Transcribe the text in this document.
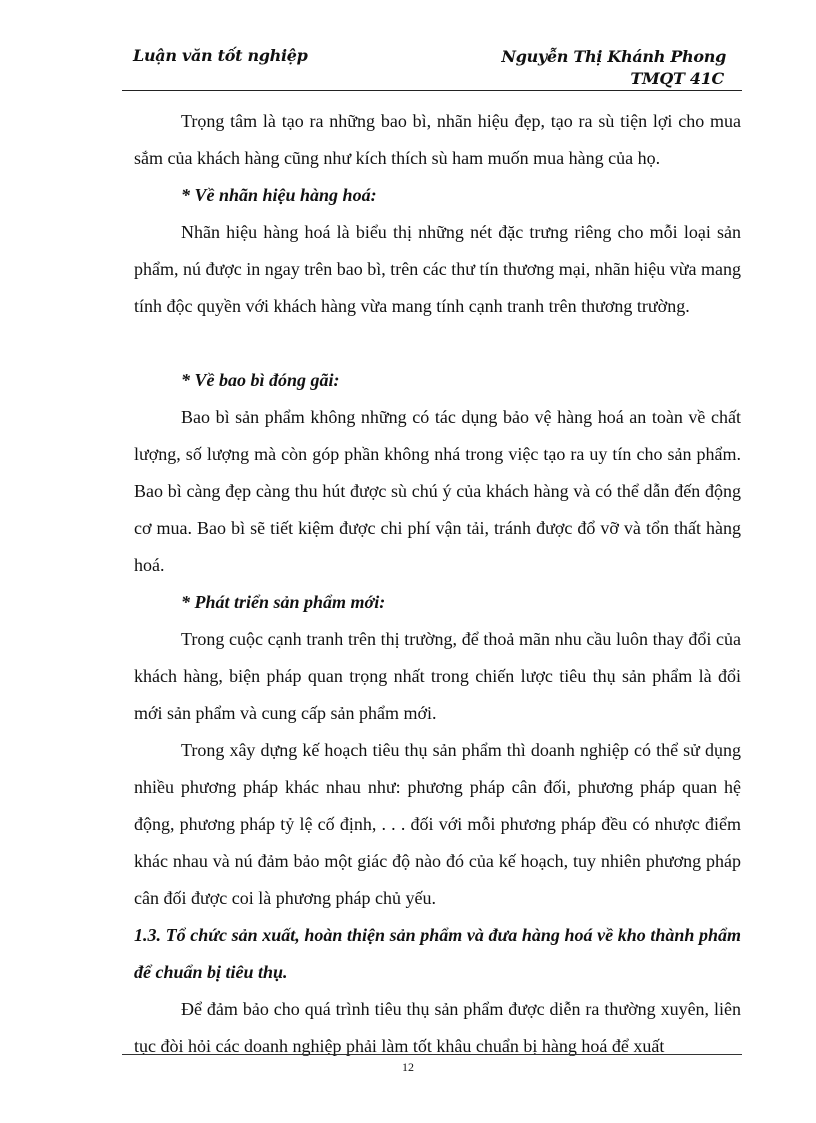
Luận văn tốt nghiệp	Nguyễn Thị Khánh Phong
TMQT 41C

Trọng tâm là tạo ra những bao bì, nhãn hiệu đẹp, tạo ra sù tiện lợi cho mua sắm của khách hàng cũng như kích thích sù ham muốn mua hàng của họ.

* Về nhãn hiệu hàng hoá:

Nhãn hiệu hàng hoá là biểu thị những nét đặc trưng riêng cho mỗi loại sản phẩm, nú được in ngay trên bao bì, trên các thư tín thương mại, nhãn hiệu vừa mang tính độc quyền với khách hàng vừa mang tính cạnh tranh trên thương trường.

* Về bao bì đóng gãi:

Bao bì sản phẩm không những có tác dụng bảo vệ hàng hoá an toàn về chất lượng, số lượng mà còn góp phần không nhá trong việc tạo ra uy tín cho sản phẩm. Bao bì càng đẹp càng thu hút được sù chú ý của khách hàng và có thể dẫn đến động cơ mua. Bao bì sẽ tiết kiệm được chi phí vận tải, tránh được đổ vỡ và tổn thất hàng hoá.

* Phát triển sản phẩm mới:

Trong cuộc cạnh tranh trên thị trường, để thoả mãn nhu cầu luôn thay đổi của khách hàng, biện pháp quan trọng nhất trong chiến lược tiêu thụ sản phẩm là đổi mới sản phẩm và cung cấp sản phẩm mới.

Trong xây dựng kế hoạch tiêu thụ sản phẩm thì doanh nghiệp có thể sử dụng nhiều phương pháp khác nhau như: phương pháp cân đối, phương pháp quan hệ động, phương pháp tỷ lệ cố định, . . . đối với mỗi phương pháp đều có nhược điểm khác nhau và nú đảm bảo một giác độ nào đó của kế hoạch, tuy nhiên phương pháp cân đối được coi là phương pháp chủ yếu.

1.3. Tổ chức sản xuất, hoàn thiện sản phẩm và đưa hàng hoá về kho thành phẩm để chuẩn bị tiêu thụ.

Để đảm bảo cho quá trình tiêu thụ sản phẩm được diễn ra thường xuyên, liên tục đòi hỏi các doanh nghiệp phải làm tốt khâu chuẩn bị hàng hoá để xuất

12
